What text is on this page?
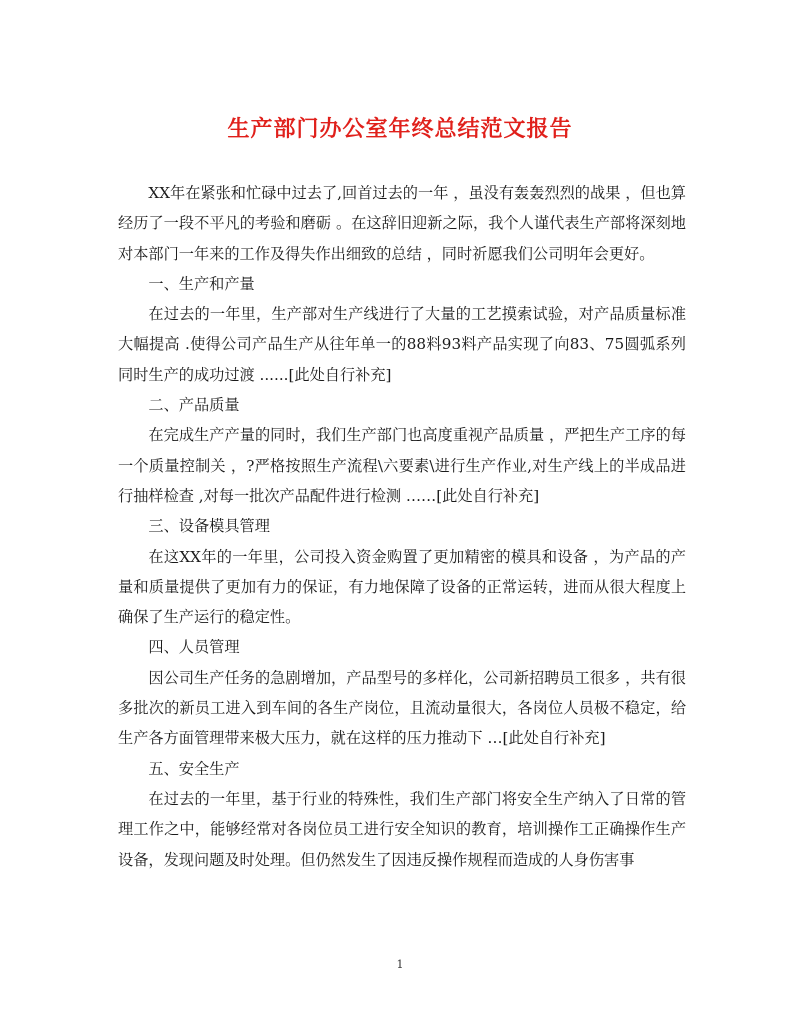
生产部门办公室年终总结范文报告

XX年在紧张和忙碌中过去了,回首过去的一年 ，虽没有轰轰烈烈的战果 ，但也算经历了一段不平凡的考验和磨砺 。在这辞旧迎新之际，我个人谨代表生产部将深刻地对本部门一年来的工作及得失作出细致的总结 ，同时祈愿我们公司明年会更好。

一、生产和产量

在过去的一年里，生产部对生产线进行了大量的工艺摸索试验，对产品质量标准大幅提高 .使得公司产品生产从往年单一的88料93料产品实现了向83、75圆弧系列同时生产的成功过渡 ......[此处自行补充]

二、产品质量

在完成生产产量的同时，我们生产部门也高度重视产品质量 ，严把生产工序的每一个质量控制关 ，?严格按照生产流程\六要素\进行生产作业,对生产线上的半成品进行抽样检查 ,对每一批次产品配件进行检测 ……[此处自行补充]

三、设备模具管理

在这XX年的一年里，公司投入资金购置了更加精密的模具和设备 ，为产品的产量和质量提供了更加有力的保证，有力地保障了设备的正常运转，进而从很大程度上确保了生产运行的稳定性。

四、人员管理

因公司生产任务的急剧增加，产品型号的多样化，公司新招聘员工很多 ，共有很多批次的新员工进入到车间的各生产岗位，且流动量很大，各岗位人员极不稳定，给生产各方面管理带来极大压力，就在这样的压力推动下 …[此处自行补充]

五、安全生产

在过去的一年里，基于行业的特殊性，我们生产部门将安全生产纳入了日常的管理工作之中，能够经常对各岗位员工进行安全知识的教育，培训操作工正确操作生产设备，发现问题及时处理。但仍然发生了因违反操作规程而造成的人身伤害事

1
